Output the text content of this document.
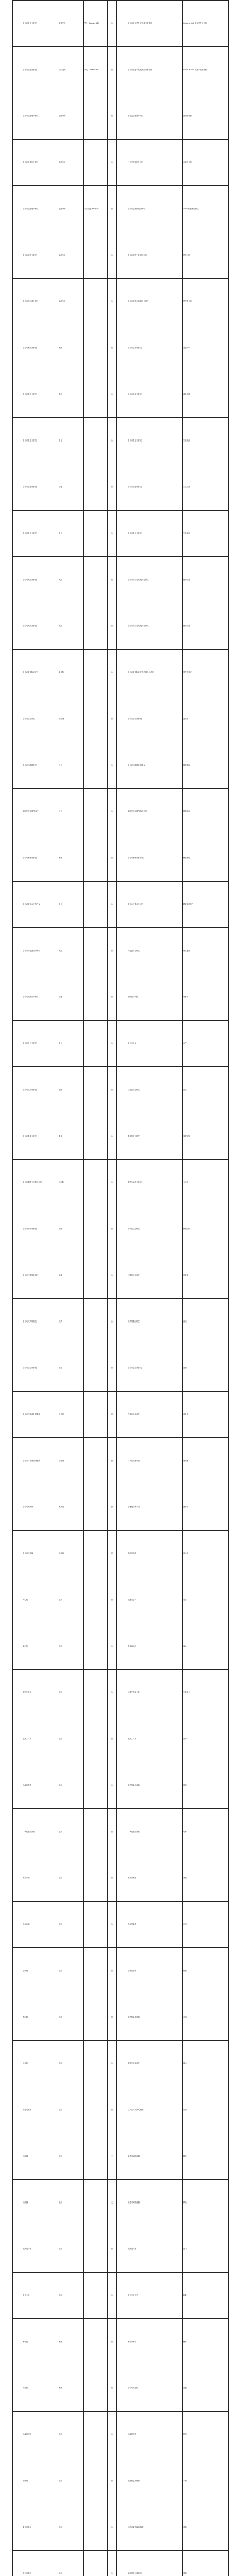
	全自动生化分析仪	化学发光	罗氏 Cobas e 411	台		全自动电化学发光免疫分析系统		Cobas e 411 电化学发光分析
	全自动生化分析仪	化学发光	罗氏 Cobas e 601	台		全自动电化学发光免疫分析系统		Cobas e 601 电化学发光分析
	全自动血细胞分析仪	血液分析		台		五分类血细胞分析仪		血细胞分析
	全自动血细胞分析仪	血液分析		台		三分类血细胞分析仪		血细胞分析
	全自动血细胞分析仪	血液分析	希森美康 XN 系列	台		全自动血液体液分析仪		XN 系列血液分析仪
	全自动尿液分析仪	尿液分析		台		全自动尿液干化学分析仪		尿液分析
	全自动尿沉渣分析仪	尿液分析		台		全自动尿液有形成分分析仪		尿沉渣分析
	全自动凝血分析仪	凝血		台		全自动血凝分析仪		凝血四项
	全自动凝血分析仪	凝血		台		半自动血凝分析仪		凝血四项
	全自动生化分析仪	生化		台		全自动生化分析仪		生化检测
	全自动生化分析仪	生化		台		全自动生化分析仪		生化检测
	全自动生化分析仪	生化		台		全自动生化分析仪		生化检测
	全自动免疫分析仪	免疫		台		全自动化学发光免疫分析仪		免疫检测
	全自动免疫分析仪	免疫		台		全自动化学发光免疫分析仪		免疫检测
	全自动微生物鉴定仪	微生物		台		全自动微生物鉴定及药敏分析系统		微生物鉴定
	全自动血培养仪	微生物		台		全自动血培养系统		血培养
	全自动核酸提取仪	分子		台		全自动核酸提取纯化仪		核酸提取
	实时荧光定量PCR仪	分子		台		实时荧光定量PCR分析仪		核酸检测
	全自动酶免分析仪	酶免		台		全自动酶免分析系统		酶联免疫
	全自动糖化血红蛋白仪	生化		台		糖化血红蛋白分析仪		糖化血红蛋白
	全自动特定蛋白分析仪	免疫		台		特定蛋白分析仪		特定蛋白
	全自动电解质分析仪	生化		台		电解质分析仪		电解质
	全自动血气分析仪	血气		台		血气分析仪		血气
	全自动血沉分析仪	血液		台		动态血沉分析仪		血沉
	全自动粪便分析仪	粪便		台		粪便常规分析仪		粪便常规
	全自动阴道分泌物分析仪	分泌物		台		阴道分泌物分析仪		分泌物
	全自动精子分析仪	精液		台		精子质量分析仪		精液分析
	全自动过敏原检测仪	免疫		台		过敏原检测系统		过敏原
	全自动流式细胞仪	流式		台		流式细胞分析仪		流式
	全自动血型分析仪	输血		台		全自动血型分析仪		血型
	全自动样本前处理系统	前处理		套		样本前处理系统		前处理
	全自动样本前处理系统	前处理		套		样本前处理系统		前处理
	全自动流水线	流水线		套		生化免疫流水线		流水线
	全自动流水线	流水线		套		血液流水线		流水线
	离心机	通用		台		低速离心机		离心
	离心机	通用		台		高速离心机		离心
	生物安全柜	通用		台		二级生物安全柜		生物安全
	超净工作台	通用		台		超净工作台		洁净
	恒温培养箱	通用		台		电热恒温培养箱		培养
	二氧化碳培养箱	通用		台		二氧化碳培养箱		培养
	医用冰箱	通用		台		医用冷藏箱		冷藏
	医用冰箱	通用		台		医用低温箱		冷冻
	显微镜	通用		台		生物显微镜		镜检
	水浴箱	通用		台		电热恒温水浴箱		水浴
	纯水机	通用		台		实验室纯水系统		纯水
	高压灭菌器	通用		台		立式压力蒸汽灭菌器		灭菌
	移液器	通用		支		单道可调移液器		移液
	移液器	通用		支		多道可调移液器		移液
	旋涡混匀器	通用		台		旋涡混匀器		混匀
	电子天平	通用		台		电子分析天平		称量
	酶标仪	酶免		台		酶标分析仪		酶标
	洗板机	酶免		台		全自动洗板机		洗板
	恒温振荡器	通用		台		恒温振荡器		振荡
	干燥箱	通用		台		电热恒温干燥箱		干燥
	紫外消毒车	通用		台		移动式紫外线消毒车		消毒
	空气消毒机	通用		台		循环风空气消毒机		消毒
